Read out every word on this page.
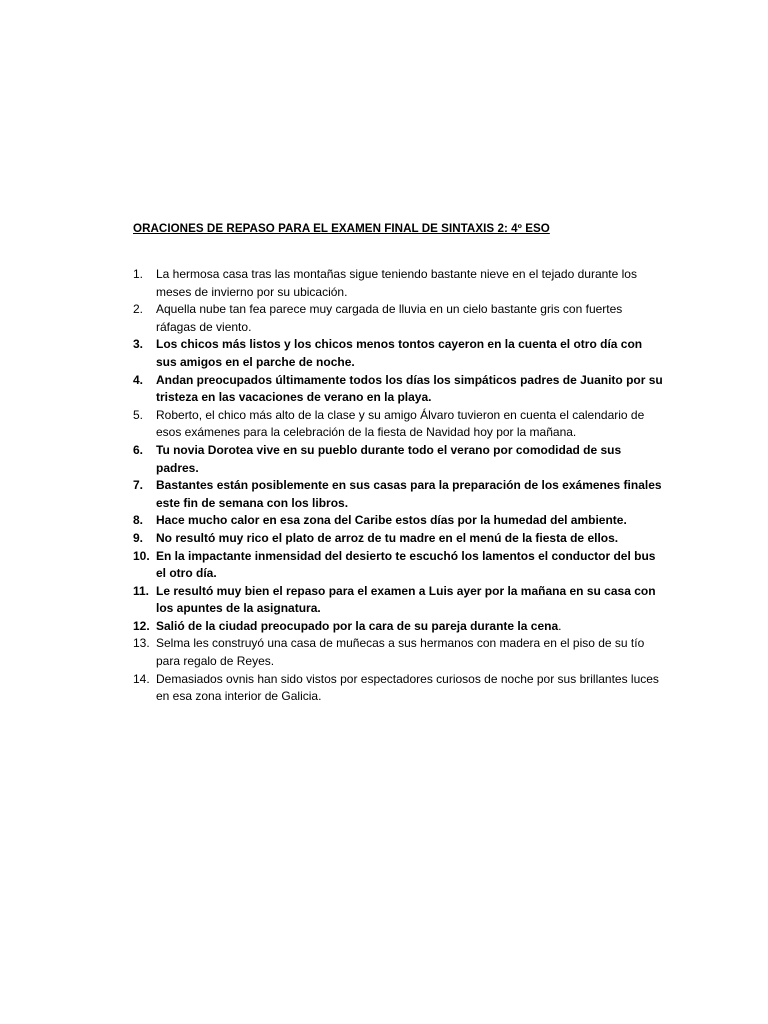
ORACIONES DE REPASO PARA EL EXAMEN FINAL DE SINTAXIS 2: 4º ESO
1. La hermosa casa tras las montañas sigue teniendo bastante nieve en el tejado durante los meses de invierno por su ubicación.
2. Aquella nube tan fea parece muy cargada de lluvia en un cielo bastante gris con fuertes ráfagas de viento.
3. Los chicos más listos y los chicos menos tontos cayeron en la cuenta el otro día con sus amigos en el parche de noche.
4. Andan preocupados últimamente todos los días los simpáticos padres de Juanito por su tristeza en las vacaciones de verano en la playa.
5. Roberto, el chico más alto de la clase y su amigo Álvaro tuvieron en cuenta el calendario de esos exámenes para la celebración de la fiesta de Navidad hoy por la mañana.
6. Tu novia Dorotea vive en su pueblo durante todo el verano por comodidad de sus padres.
7. Bastantes están posiblemente en sus casas para la preparación de los exámenes finales este fin de semana con los libros.
8. Hace mucho calor en esa zona del Caribe estos días por la humedad del ambiente.
9. No resultó muy rico el plato de arroz de tu madre en el menú de la fiesta de ellos.
10. En la impactante inmensidad del desierto te escuchó los lamentos el conductor del bus el otro día.
11. Le resultó muy bien el repaso para el examen a Luis ayer por la mañana en su casa con los apuntes de la asignatura.
12. Salió de la ciudad preocupado por la cara de su pareja durante la cena.
13. Selma les construyó una casa de muñecas a sus hermanos con madera en el piso de su tío para regalo de Reyes.
14. Demasiados ovnis han sido vistos por espectadores curiosos de noche por sus brillantes luces en esa zona interior de Galicia.
